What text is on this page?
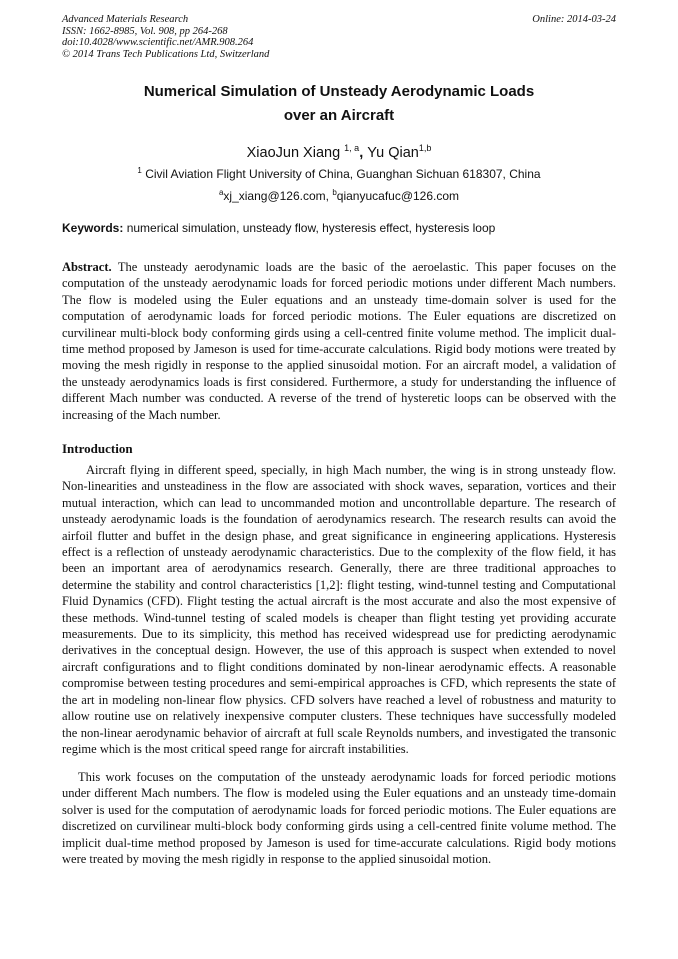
Advanced Materials Research
ISSN: 1662-8985, Vol. 908, pp 264-268
doi:10.4028/www.scientific.net/AMR.908.264
© 2014 Trans Tech Publications Ltd, Switzerland
Online: 2014-03-24
Numerical Simulation of Unsteady Aerodynamic Loads
over an Aircraft
XiaoJun Xiang $^{1, a}$, Yu Qian$^{1,b}$
$^1$ Civil Aviation Flight University of China, Guanghan Sichuan 618307, China
$^a$xj_xiang@126.com, $^b$qianyucafuc@126.com
Keywords: numerical simulation, unsteady flow, hysteresis effect, hysteresis loop
Abstract. The unsteady aerodynamic loads are the basic of the aeroelastic. This paper focuses on the computation of the unsteady aerodynamic loads for forced periodic motions under different Mach numbers. The flow is modeled using the Euler equations and an unsteady time-domain solver is used for the computation of aerodynamic loads for forced periodic motions. The Euler equations are discretized on curvilinear multi-block body conforming girds using a cell-centred finite volume method. The implicit dual-time method proposed by Jameson is used for time-accurate calculations. Rigid body motions were treated by moving the mesh rigidly in response to the applied sinusoidal motion. For an aircraft model, a validation of the unsteady aerodynamics loads is first considered. Furthermore, a study for understanding the influence of different Mach number was conducted. A reverse of the trend of hysteretic loops can be observed with the increasing of the Mach number.
Introduction
Aircraft flying in different speed, specially, in high Mach number, the wing is in strong unsteady flow. Non-linearities and unsteadiness in the flow are associated with shock waves, separation, vortices and their mutual interaction, which can lead to uncommanded motion and uncontrollable departure. The research of unsteady aerodynamic loads is the foundation of aerodynamics research. The research results can avoid the airfoil flutter and buffet in the design phase, and great significance in engineering applications. Hysteresis effect is a reflection of unsteady aerodynamic characteristics. Due to the complexity of the flow field, it has been an important area of aerodynamics research. Generally, there are three traditional approaches to determine the stability and control characteristics [1,2]: flight testing, wind-tunnel testing and Computational Fluid Dynamics (CFD). Flight testing the actual aircraft is the most accurate and also the most expensive of these methods. Wind-tunnel testing of scaled models is cheaper than flight testing yet providing accurate measurements. Due to its simplicity, this method has received widespread use for predicting aerodynamic derivatives in the conceptual design. However, the use of this approach is suspect when extended to novel aircraft configurations and to flight conditions dominated by non-linear aerodynamic effects. A reasonable compromise between testing procedures and semi-empirical approaches is CFD, which represents the state of the art in modeling non-linear flow physics. CFD solvers have reached a level of robustness and maturity to allow routine use on relatively inexpensive computer clusters. These techniques have successfully modeled the non-linear aerodynamic behavior of aircraft at full scale Reynolds numbers, and investigated the transonic regime which is the most critical speed range for aircraft instabilities.
This work focuses on the computation of the unsteady aerodynamic loads for forced periodic motions under different Mach numbers. The flow is modeled using the Euler equations and an unsteady time-domain solver is used for the computation of aerodynamic loads for forced periodic motions. The Euler equations are discretized on curvilinear multi-block body conforming girds using a cell-centred finite volume method. The implicit dual-time method proposed by Jameson is used for time-accurate calculations. Rigid body motions were treated by moving the mesh rigidly in response to the applied sinusoidal motion.
